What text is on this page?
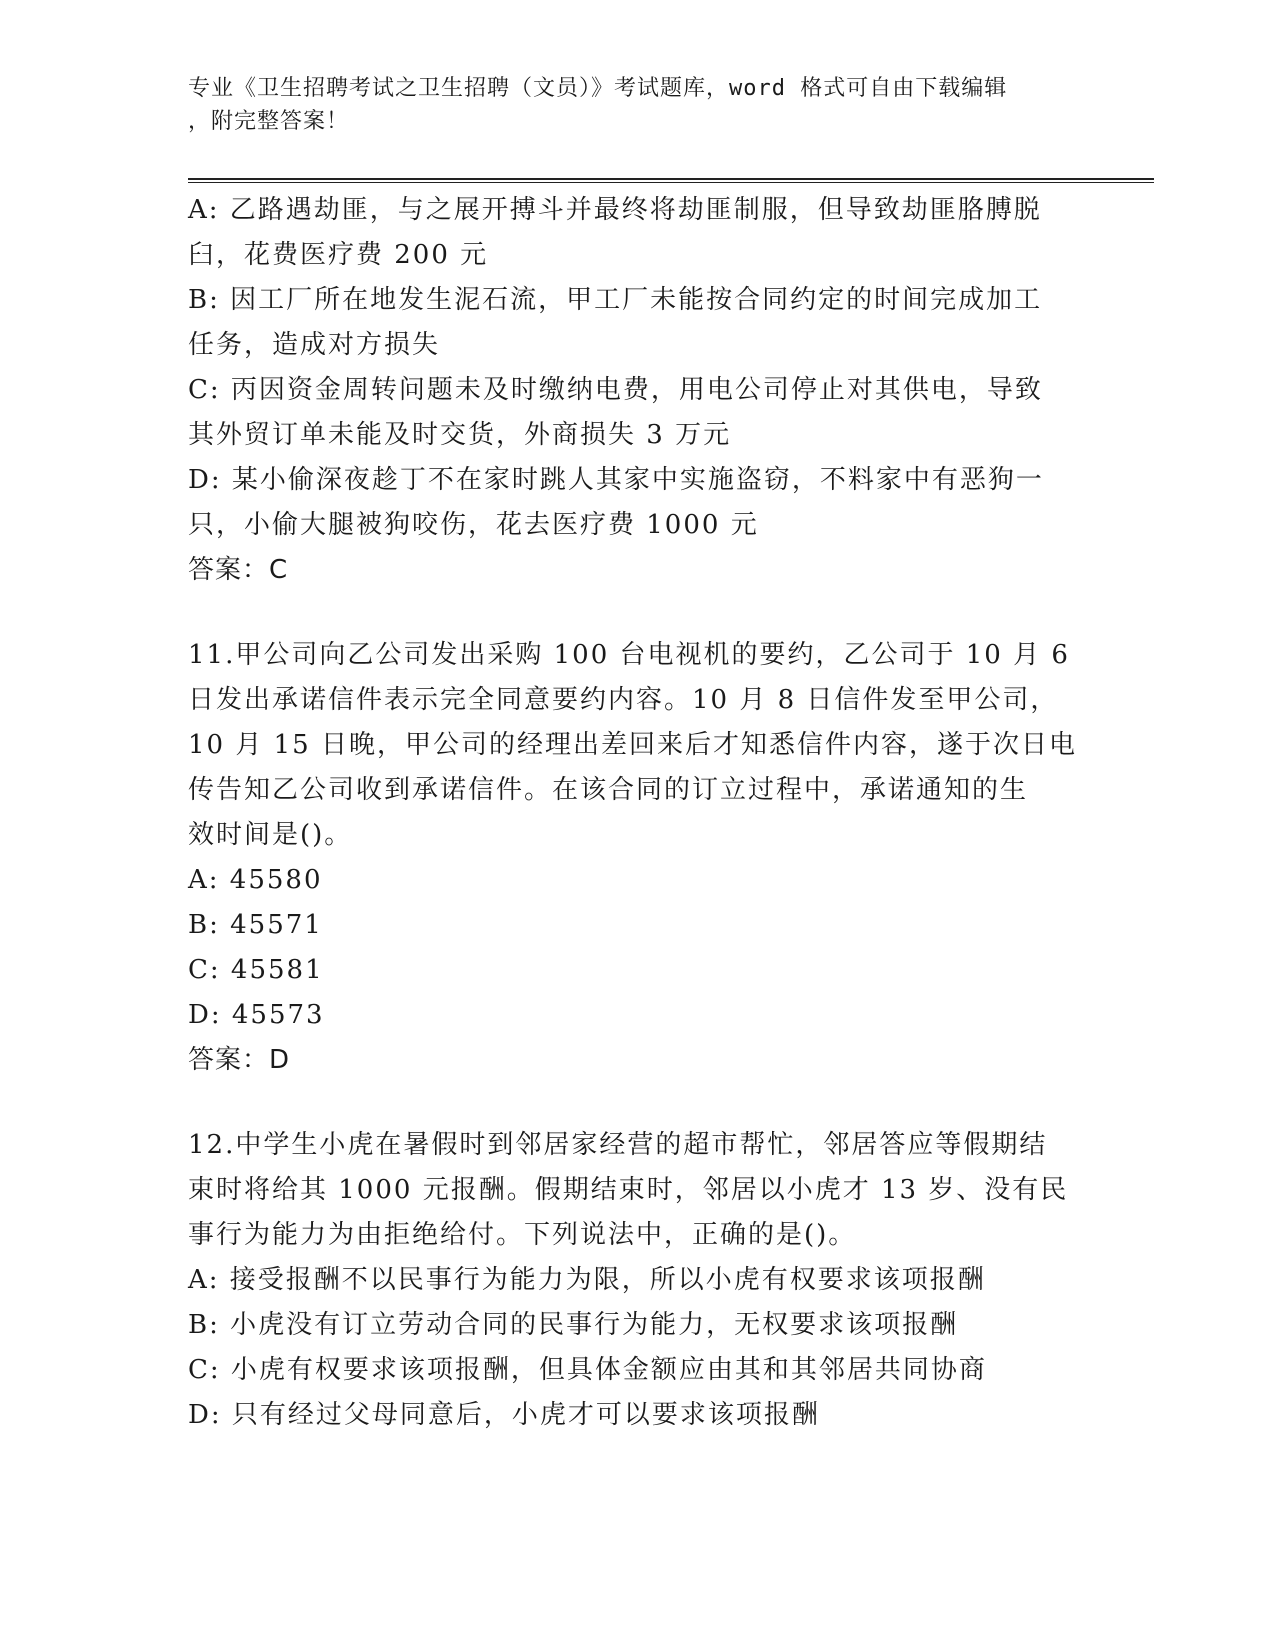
专业《卫生招聘考试之卫生招聘（文员）》考试题库，word 格式可自由下载编辑
，附完整答案！
A: 乙路遇劫匪，与之展开搏斗并最终将劫匪制服，但导致劫匪胳膊脱
臼，花费医疗费 200 元
B: 因工厂所在地发生泥石流，甲工厂未能按合同约定的时间完成加工
任务，造成对方损失
C: 丙因资金周转问题未及时缴纳电费，用电公司停止对其供电，导致
其外贸订单未能及时交货，外商损失 3 万元
D: 某小偷深夜趁丁不在家时跳人其家中实施盗窃，不料家中有恶狗一
只，小偷大腿被狗咬伤，花去医疗费 1000 元
答案：C
11.甲公司向乙公司发出采购 100 台电视机的要约，乙公司于 10 月 6
日发出承诺信件表示完全同意要约内容。10 月 8 日信件发至甲公司，
10 月 15 日晚，甲公司的经理出差回来后才知悉信件内容，遂于次日电
传告知乙公司收到承诺信件。在该合同的订立过程中，承诺通知的生
效时间是()。
A: 45580
B: 45571
C: 45581
D: 45573
答案：D
12.中学生小虎在暑假时到邻居家经营的超市帮忙，邻居答应等假期结
束时将给其 1000 元报酬。假期结束时，邻居以小虎才 13 岁、没有民
事行为能力为由拒绝给付。下列说法中，正确的是()。
A: 接受报酬不以民事行为能力为限，所以小虎有权要求该项报酬
B: 小虎没有订立劳动合同的民事行为能力，无权要求该项报酬
C: 小虎有权要求该项报酬，但具体金额应由其和其邻居共同协商
D: 只有经过父母同意后，小虎才可以要求该项报酬
